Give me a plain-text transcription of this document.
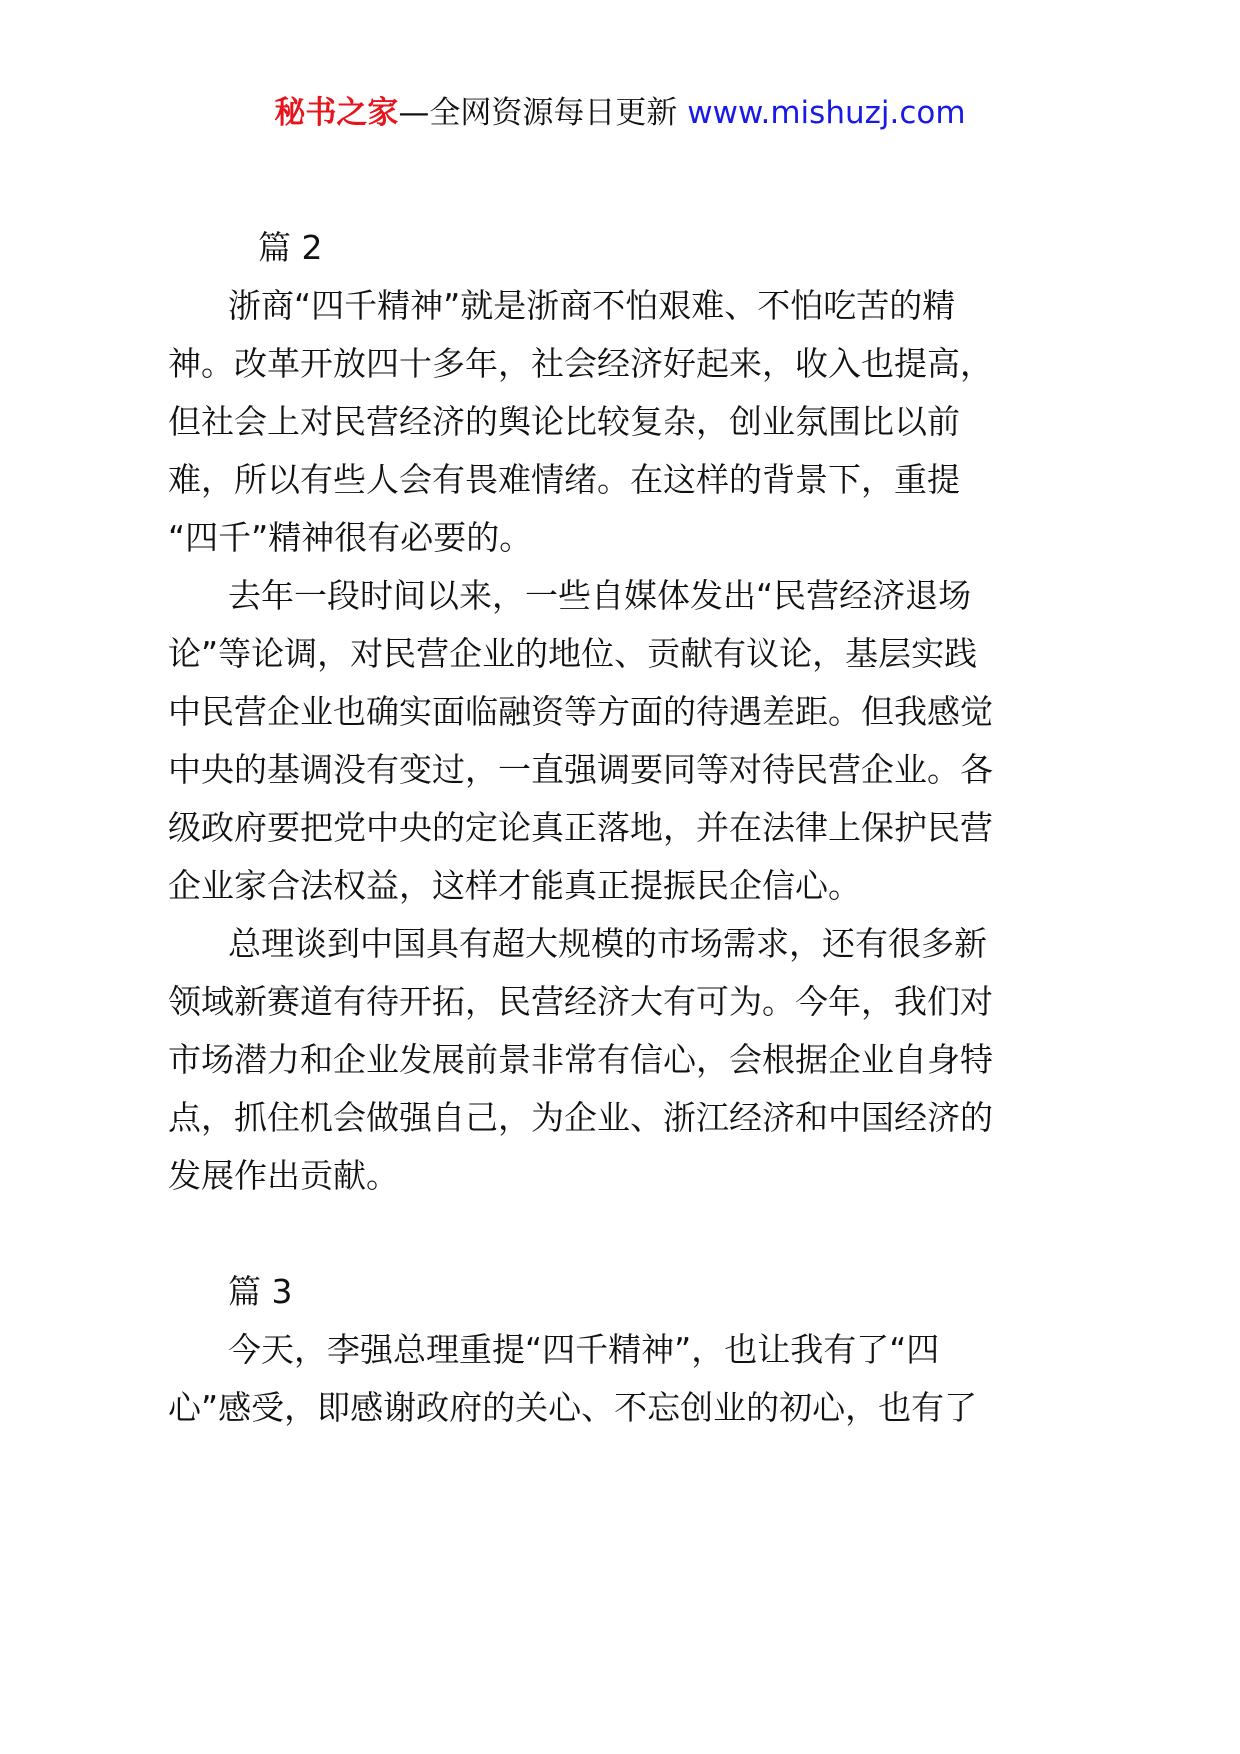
秘书之家—全网资源每日更新 www.mishuzj.com
篇 2
浙商“四千精神”就是浙商不怕艰难、不怕吃苦的精
神。改革开放四十多年，社会经济好起来，收入也提高，
但社会上对民营经济的舆论比较复杂，创业氛围比以前
难，所以有些人会有畏难情绪。在这样的背景下，重提
“四千”精神很有必要的。
去年一段时间以来，一些自媒体发出“民营经济退场
论”等论调，对民营企业的地位、贡献有议论，基层实践
中民营企业也确实面临融资等方面的待遇差距。但我感觉
中央的基调没有变过，一直强调要同等对待民营企业。各
级政府要把党中央的定论真正落地，并在法律上保护民营
企业家合法权益，这样才能真正提振民企信心。
总理谈到中国具有超大规模的市场需求，还有很多新
领域新赛道有待开拓，民营经济大有可为。今年，我们对
市场潜力和企业发展前景非常有信心，会根据企业自身特
点，抓住机会做强自己，为企业、浙江经济和中国经济的
发展作出贡献。
篇 3
今天，李强总理重提“四千精神”，也让我有了“四
心”感受，即感谢政府的关心、不忘创业的初心，也有了
